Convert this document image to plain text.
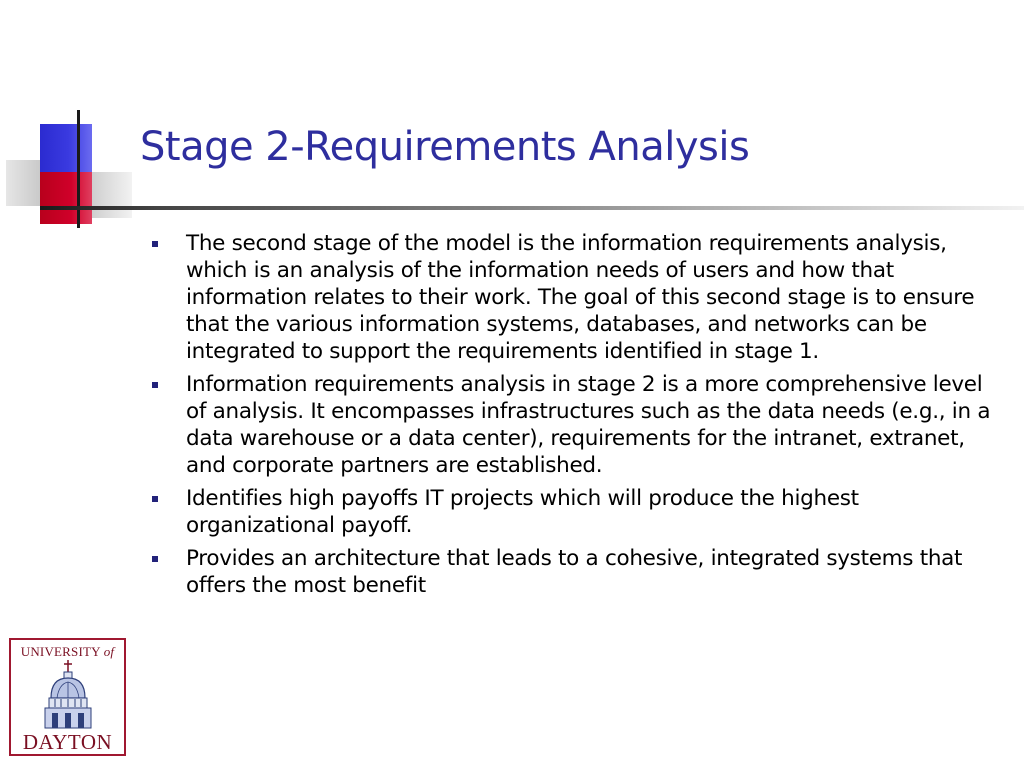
Stage 2-Requirements Analysis
The second stage of the model is the information requirements analysis, which is an analysis of the information needs of users and how that information relates to their work. The goal of this second stage is to ensure that the various information systems, databases, and networks can be integrated to support the requirements identified in stage 1.
Information requirements analysis in stage 2 is a more comprehensive level of analysis. It encompasses infrastructures such as the data needs (e.g., in a data warehouse or a data center), requirements for the intranet, extranet, and corporate partners are established.
Identifies high payoffs IT projects which will produce the highest organizational payoff.
Provides an architecture that leads to a cohesive, integrated systems that offers the most benefit
UNIVERSITY of
DAYTON
